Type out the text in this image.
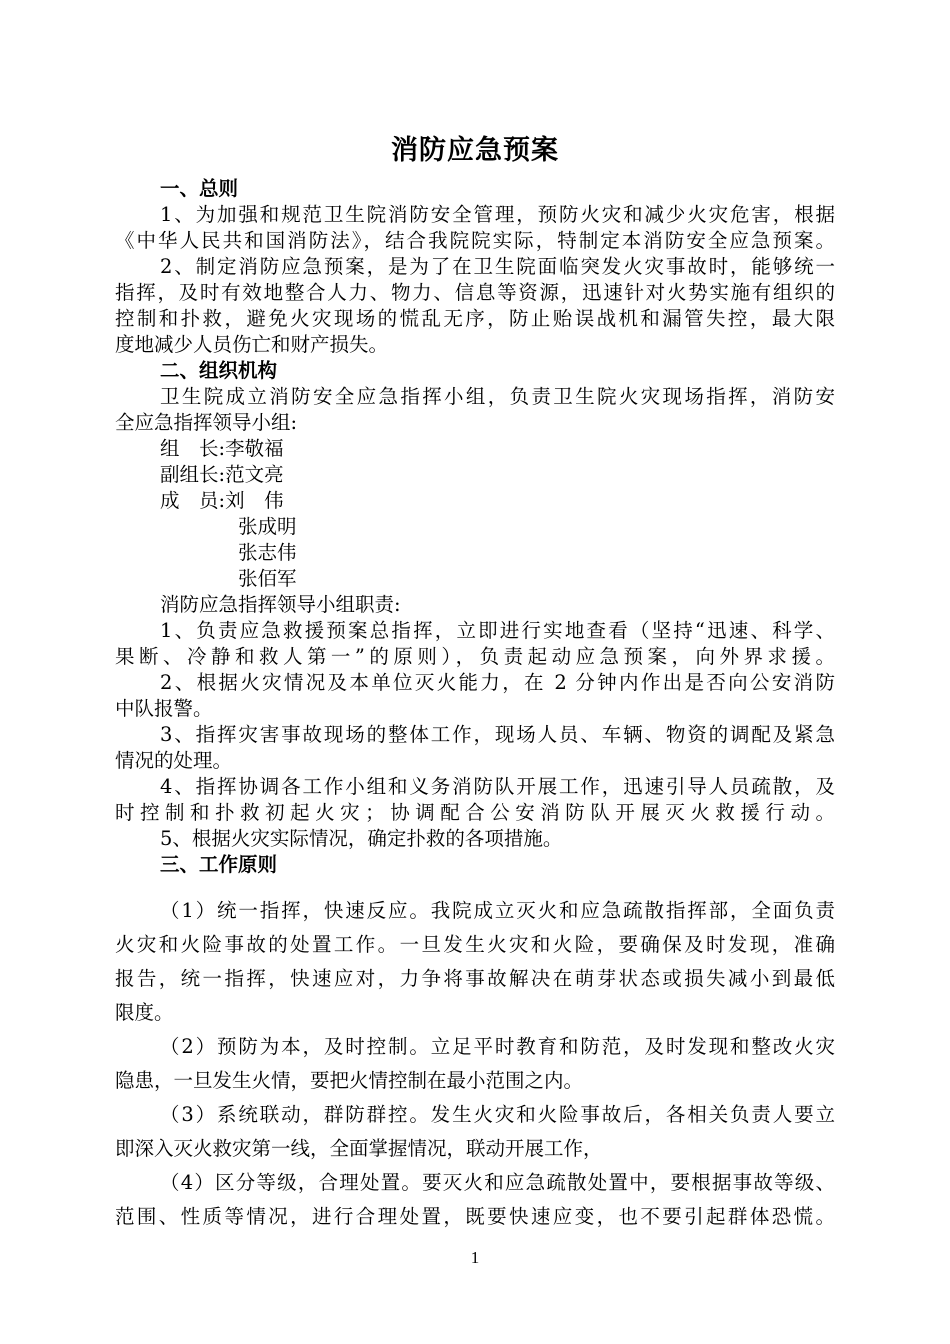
消防应急预案
一、总则
1、为加强和规范卫生院消防安全管理，预防火灾和减少火灾危害，根据
《中华人民共和国消防法》，结合我院院实际，特制定本消防安全应急预案。
2、制定消防应急预案，是为了在卫生院面临突发火灾事故时，能够统一
指挥，及时有效地整合人力、物力、信息等资源，迅速针对火势实施有组织的
控制和扑救，避免火灾现场的慌乱无序，防止贻误战机和漏管失控，最大限
度地减少人员伤亡和财产损失。
二、组织机构
卫生院成立消防安全应急指挥小组，负责卫生院火灾现场指挥，消防安
全应急指挥领导小组:
组　长:李敬福
副组长:范文亮
成　员:刘　伟
张成明
张志伟
张佰军
消防应急指挥领导小组职责:
1、负责应急救援预案总指挥，立即进行实地查看（坚持“迅速、科学、
果断、冷静和救人第一”的原则），负责起动应急预案，向外界求援。
2、根据火灾情况及本单位灭火能力，在 2 分钟内作出是否向公安消防
中队报警。
3、指挥灾害事故现场的整体工作，现场人员、车辆、物资的调配及紧急
情况的处理。
4、指挥协调各工作小组和义务消防队开展工作，迅速引导人员疏散，及
时控制和扑救初起火灾；协调配合公安消防队开展灭火救援行动。
5、根据火灾实际情况，确定扑救的各项措施。
三、工作原则
（1）统一指挥，快速反应。我院成立灭火和应急疏散指挥部，全面负责
火灾和火险事故的处置工作。一旦发生火灾和火险，要确保及时发现，准确
报告，统一指挥，快速应对，力争将事故解决在萌芽状态或损失减小到最低
限度。
（2）预防为本，及时控制。立足平时教育和防范，及时发现和整改火灾
隐患，一旦发生火情，要把火情控制在最小范围之内。
（3）系统联动，群防群控。发生火灾和火险事故后，各相关负责人要立
即深入灭火救灾第一线，全面掌握情况，联动开展工作，
（4）区分等级，合理处置。要灭火和应急疏散处置中，要根据事故等级、
范围、性质等情况，进行合理处置，既要快速应变，也不要引起群体恐慌。
1
